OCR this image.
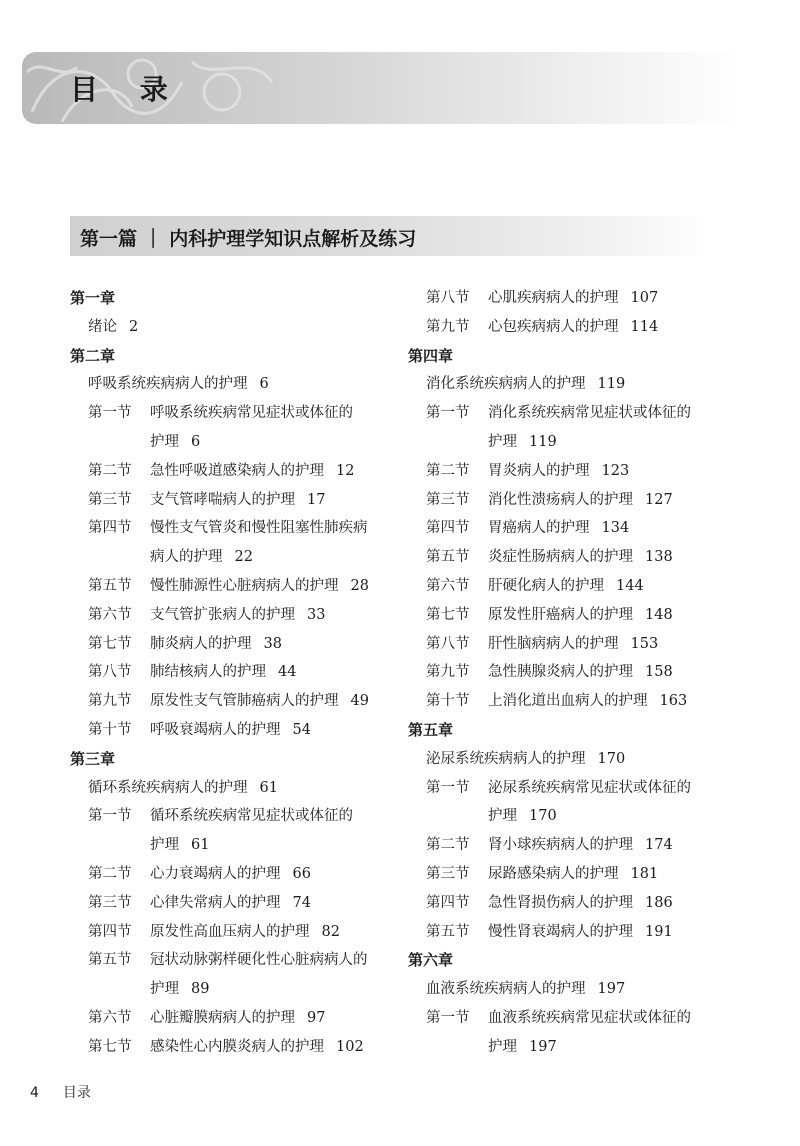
目 录
第一篇 ｜ 内科护理学知识点解析及练习
第一章
绪论 2
第二章
呼吸系统疾病病人的护理 6
第一节 呼吸系统疾病常见症状或体征的
护理 6
第二节 急性呼吸道感染病人的护理 12
第三节 支气管哮喘病人的护理 17
第四节 慢性支气管炎和慢性阻塞性肺疾病
病人的护理 22
第五节 慢性肺源性心脏病病人的护理 28
第六节 支气管扩张病人的护理 33
第七节 肺炎病人的护理 38
第八节 肺结核病人的护理 44
第九节 原发性支气管肺癌病人的护理 49
第十节 呼吸衰竭病人的护理 54
第三章
循环系统疾病病人的护理 61
第一节 循环系统疾病常见症状或体征的
护理 61
第二节 心力衰竭病人的护理 66
第三节 心律失常病人的护理 74
第四节 原发性高血压病人的护理 82
第五节 冠状动脉粥样硬化性心脏病病人的
护理 89
第六节 心脏瓣膜病病人的护理 97
第七节 感染性心内膜炎病人的护理 102
第八节 心肌疾病病人的护理 107
第九节 心包疾病病人的护理 114
第四章
消化系统疾病病人的护理 119
第一节 消化系统疾病常见症状或体征的
护理 119
第二节 胃炎病人的护理 123
第三节 消化性溃疡病人的护理 127
第四节 胃癌病人的护理 134
第五节 炎症性肠病病人的护理 138
第六节 肝硬化病人的护理 144
第七节 原发性肝癌病人的护理 148
第八节 肝性脑病病人的护理 153
第九节 急性胰腺炎病人的护理 158
第十节 上消化道出血病人的护理 163
第五章
泌尿系统疾病病人的护理 170
第一节 泌尿系统疾病常见症状或体征的
护理 170
第二节 肾小球疾病病人的护理 174
第三节 尿路感染病人的护理 181
第四节 急性肾损伤病人的护理 186
第五节 慢性肾衰竭病人的护理 191
第六章
血液系统疾病病人的护理 197
第一节 血液系统疾病常见症状或体征的
护理 197
4 目录
